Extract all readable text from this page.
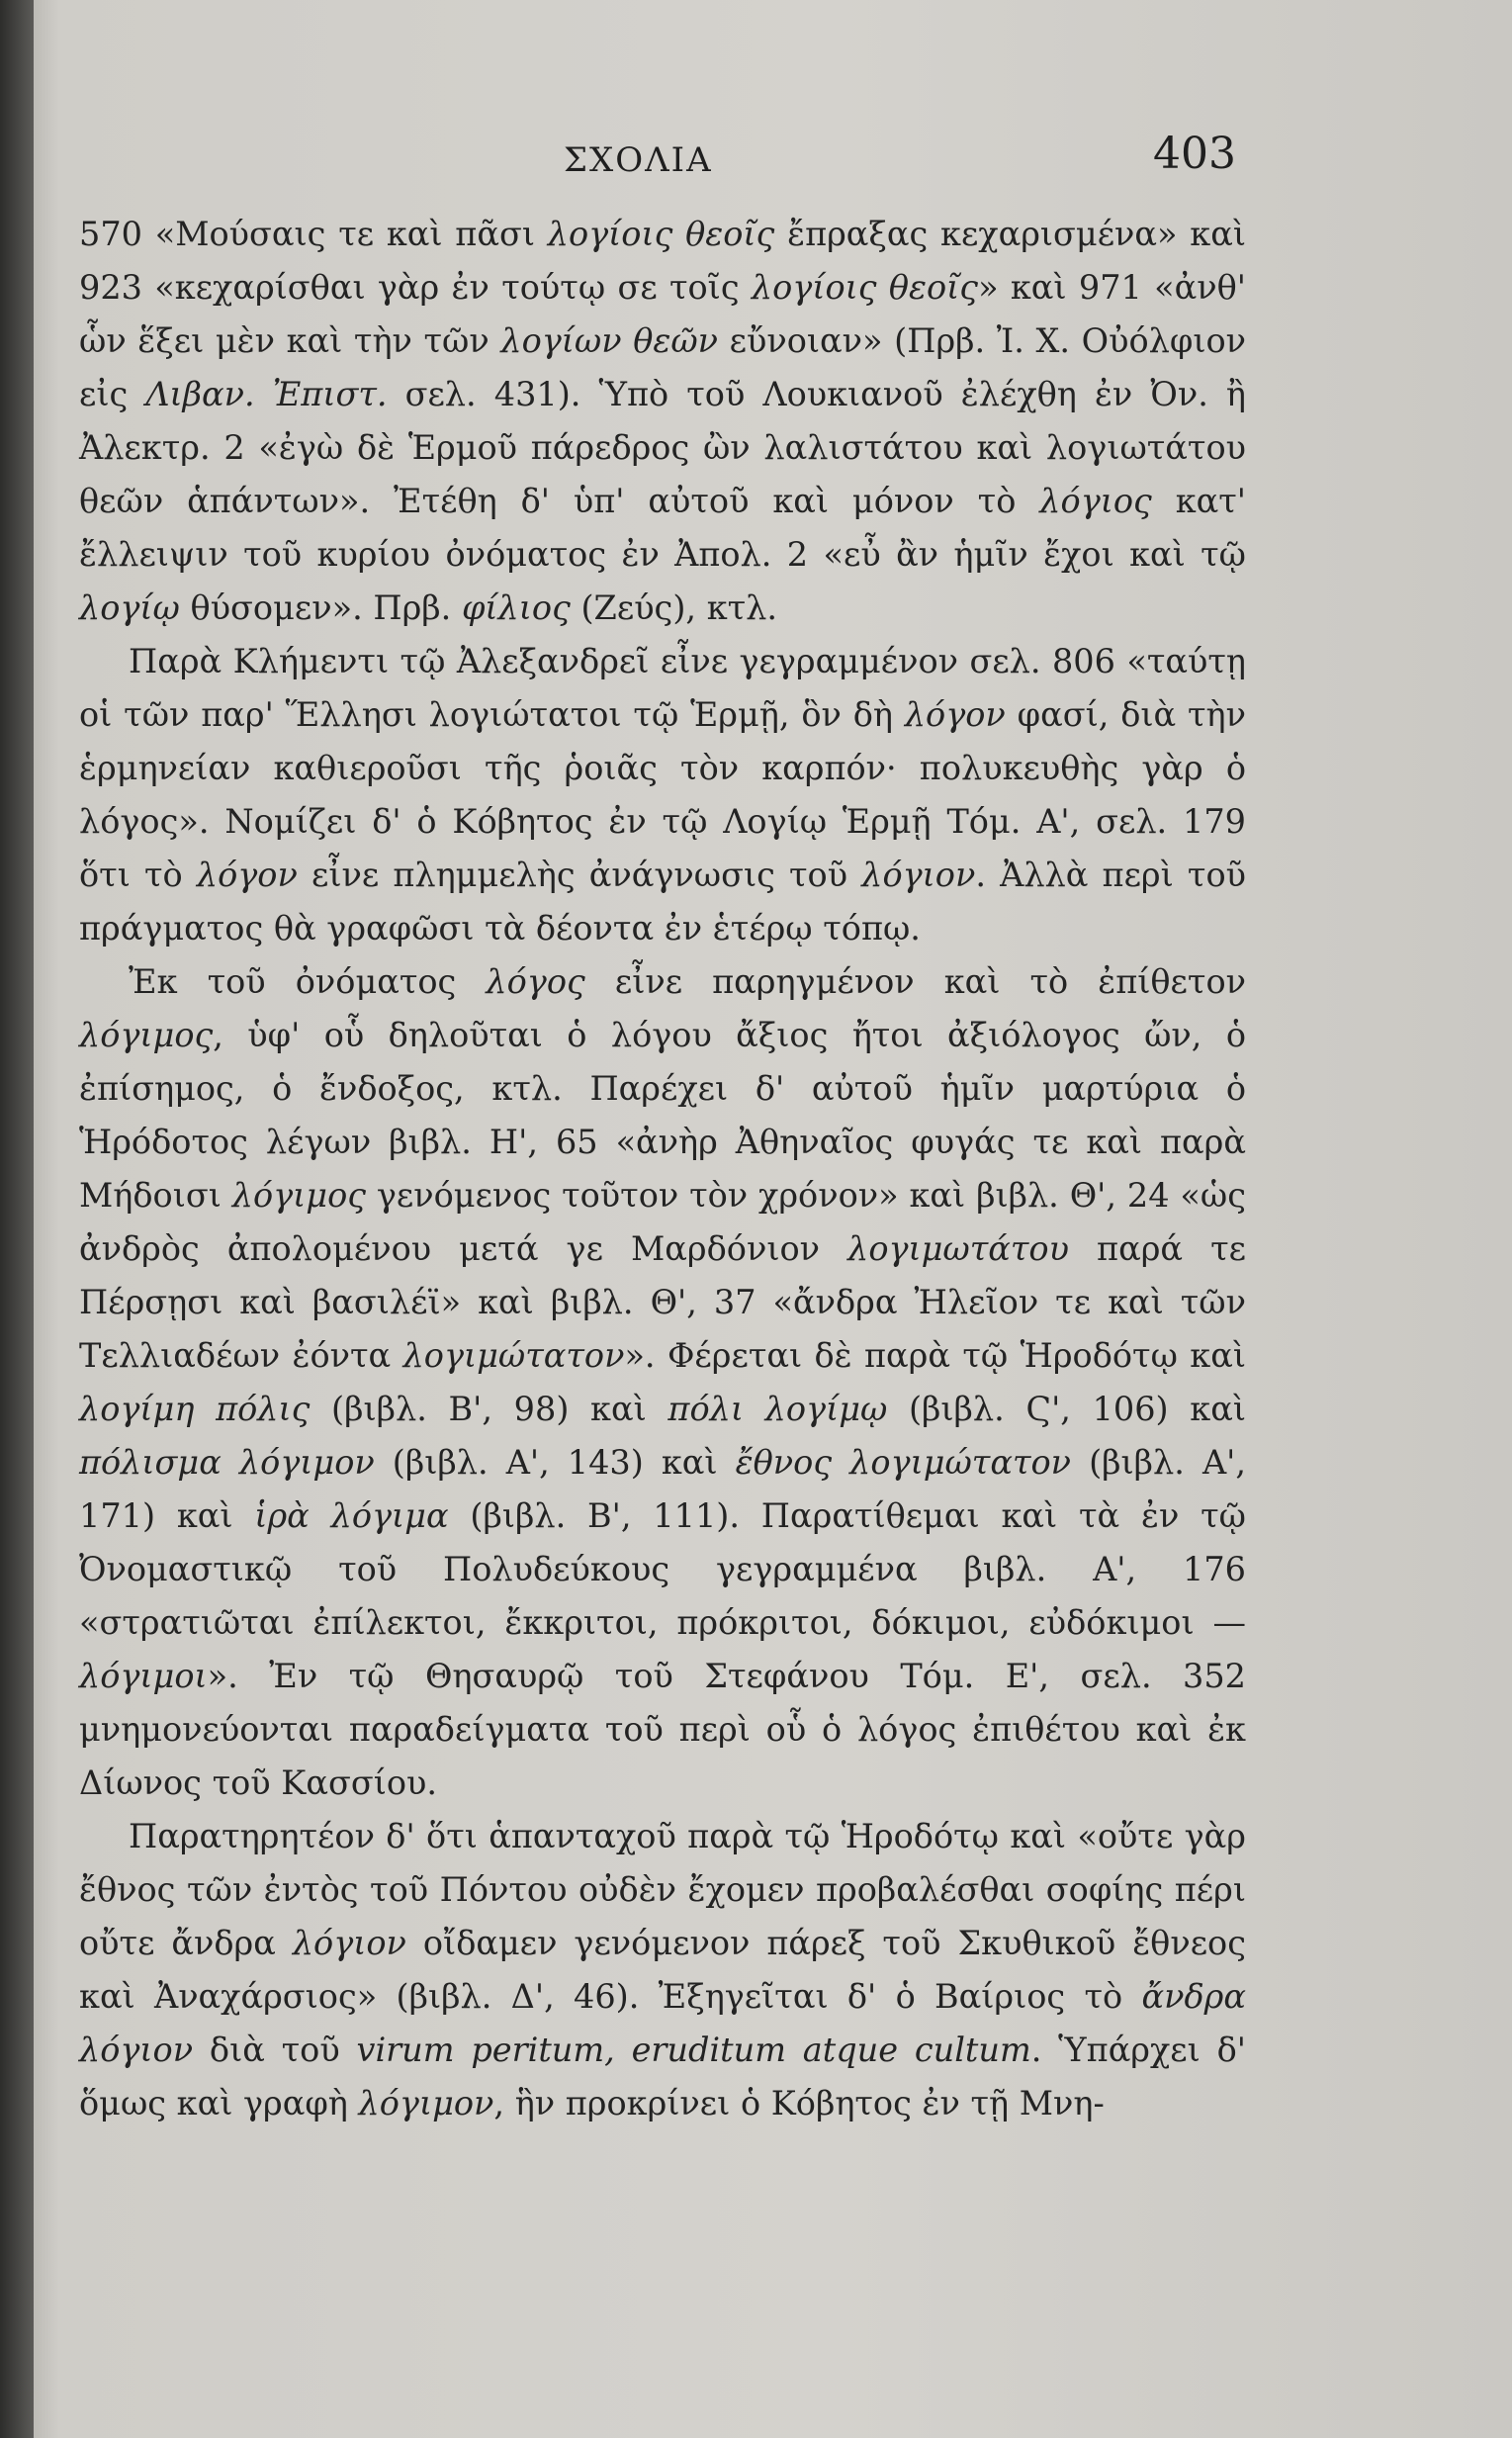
ΣΧΟΛΙΑ	403

570 «Μούσαις τε καὶ πᾶσι λογίοις θεοῖς ἔπραξας κεχαρισμένα» καὶ 923 «κεχαρίσθαι γὰρ ἐν τούτῳ σε τοῖς λογίοις θεοῖς» καὶ 971 «ἀνθ' ὧν ἕξει μὲν καὶ τὴν τῶν λογίων θεῶν εὔνοιαν» (Πρβ. Ἰ. Χ. Οὐόλφιον εἰς Λιβαν. Ἐπιστ. σελ. 431). Ὑπὸ τοῦ Λουκιανοῦ ἐλέχθη ἐν Ὀν. ἢ Ἀλεκτρ. 2 «ἐγὼ δὲ Ἑρμοῦ πάρεδρος ὢν λαλιστάτου καὶ λογιωτάτου θεῶν ἁπάντων». Ἐτέθη δ' ὑπ' αὐτοῦ καὶ μόνον τὸ λόγιος κατ' ἔλλειψιν τοῦ κυρίου ὀνόματος ἐν Ἀπολ. 2 «εὖ ἂν ἡμῖν ἔχοι καὶ τῷ λογίῳ θύσομεν». Πρβ. φίλιος (Ζεύς), κτλ.

Παρὰ Κλήμεντι τῷ Ἀλεξανδρεῖ εἶνε γεγραμμένον σελ. 806 «ταύτῃ οἱ τῶν παρ' Ἕλλησι λογιώτατοι τῷ Ἑρμῇ, ὃν δὴ λόγον φασί, διὰ τὴν ἑρμηνείαν καθιεροῦσι τῆς ῥοιᾶς τὸν καρπόν· πολυκευθὴς γὰρ ὁ λόγος». Νομίζει δ' ὁ Κόβητος ἐν τῷ Λογίῳ Ἑρμῇ Τόμ. Α', σελ. 179 ὅτι τὸ λόγον εἶνε πλημμελὴς ἀνάγνωσις τοῦ λόγιον. Ἀλλὰ περὶ τοῦ πράγματος θὰ γραφῶσι τὰ δέοντα ἐν ἑτέρῳ τόπῳ.

Ἐκ τοῦ ὀνόματος λόγος εἶνε παρηγμένον καὶ τὸ ἐπίθετον λόγιμος, ὑφ' οὗ δηλοῦται ὁ λόγου ἄξιος ἤτοι ἀξιόλογος ὤν, ὁ ἐπίσημος, ὁ ἔνδοξος, κτλ. Παρέχει δ' αὐτοῦ ἡμῖν μαρτύρια ὁ Ἡρόδοτος λέγων βιβλ. Η', 65 «ἀνὴρ Ἀθηναῖος φυγάς τε καὶ παρὰ Μήδοισι λόγιμος γενόμενος τοῦτον τὸν χρόνον» καὶ βιβλ. Θ', 24 «ὡς ἀνδρὸς ἀπολομένου μετά γε Μαρδόνιον λογιμωτάτου παρά τε Πέρσῃσι καὶ βασιλέϊ» καὶ βιβλ. Θ', 37 «ἄνδρα Ἠλεῖον τε καὶ τῶν Τελλιαδέων ἐόντα λογιμώτατον». Φέρεται δὲ παρὰ τῷ Ἡροδότῳ καὶ λογίμη πόλις (βιβλ. Β', 98) καὶ πόλι λογίμῳ (βιβλ. Ϛ', 106) καὶ πόλισμα λόγιμον (βιβλ. Α', 143) καὶ ἔθνος λογιμώτατον (βιβλ. Α', 171) καὶ ἱρὰ λόγιμα (βιβλ. Β', 111). Παρατίθεμαι καὶ τὰ ἐν τῷ Ὀνομαστικῷ τοῦ Πολυδεύκους γεγραμμένα βιβλ. Α', 176 «στρατιῶται ἐπίλεκτοι, ἔκκριτοι, πρόκριτοι, δόκιμοι, εὐδόκιμοι — λόγιμοι». Ἐν τῷ Θησαυρῷ τοῦ Στεφάνου Τόμ. Ε', σελ. 352 μνημονεύονται παραδείγματα τοῦ περὶ οὗ ὁ λόγος ἐπιθέτου καὶ ἐκ Δίωνος τοῦ Κασσίου.

Παρατηρητέον δ' ὅτι ἁπανταχοῦ παρὰ τῷ Ἡροδότῳ καὶ «οὔτε γὰρ ἔθνος τῶν ἐντὸς τοῦ Πόντου οὐδὲν ἔχομεν προβαλέσθαι σοφίης πέρι οὔτε ἄνδρα λόγιον οἴδαμεν γενόμενον πάρεξ τοῦ Σκυθικοῦ ἔθνεος καὶ Ἀναχάρσιος» (βιβλ. Δ', 46). Ἐξηγεῖται δ' ὁ Βαίριος τὸ ἄνδρα λόγιον διὰ τοῦ virum peritum, eruditum atque cultum. Ὑπάρχει δ' ὅμως καὶ γραφὴ λόγιμον, ἣν προκρίνει ὁ Κόβητος ἐν τῇ Μνη-
